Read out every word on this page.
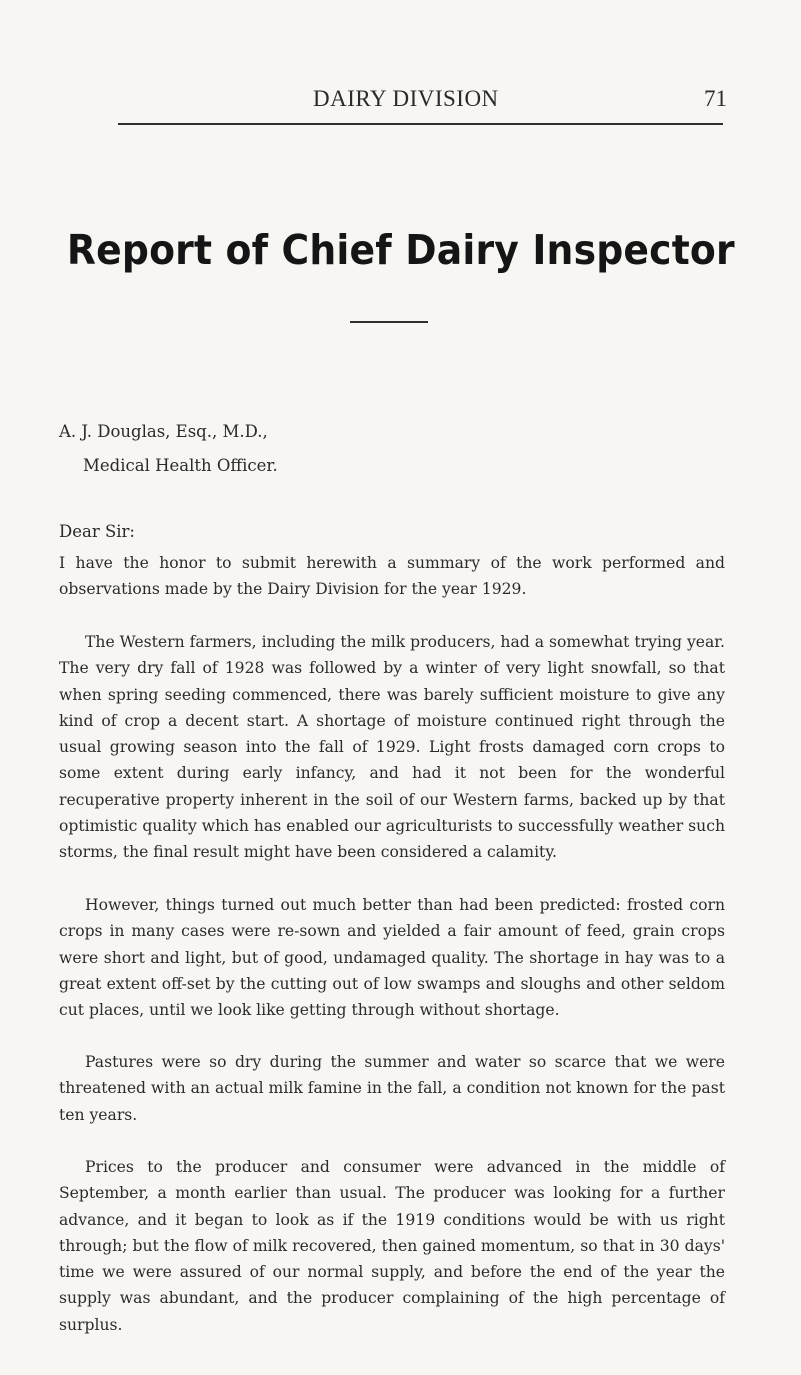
DAIRY DIVISION	71
Report of Chief Dairy Inspector
A. J. Douglas, Esq., M.D.,
Medical Health Officer.
Dear Sir:

I have the honor to submit herewith a summary of the work performed and observations made by the Dairy Division for the year 1929.

The Western farmers, including the milk producers, had a somewhat trying year. The very dry fall of 1928 was followed by a winter of very light snowfall, so that when spring seeding commenced, there was barely sufficient moisture to give any kind of crop a decent start. A shortage of moisture continued right through the usual growing season into the fall of 1929. Light frosts damaged corn crops to some extent during early infancy, and had it not been for the wonderful recuperative property inherent in the soil of our Western farms, backed up by that optimistic quality which has enabled our agriculturists to successfully weather such storms, the final result might have been considered a calamity.

However, things turned out much better than had been predicted: frosted corn crops in many cases were re-sown and yielded a fair amount of feed, grain crops were short and light, but of good, undamaged quality. The shortage in hay was to a great extent off-set by the cutting out of low swamps and sloughs and other seldom cut places, until we look like getting through without shortage.

Pastures were so dry during the summer and water so scarce that we were threatened with an actual milk famine in the fall, a condition not known for the past ten years.

Prices to the producer and consumer were advanced in the middle of September, a month earlier than usual. The producer was looking for a further advance, and it began to look as if the 1919 conditions would be with us right through; but the flow of milk recovered, then gained momentum, so that in 30 days' time we were assured of our normal supply, and before the end of the year the supply was abundant, and the producer complaining of the high percentage of surplus.
